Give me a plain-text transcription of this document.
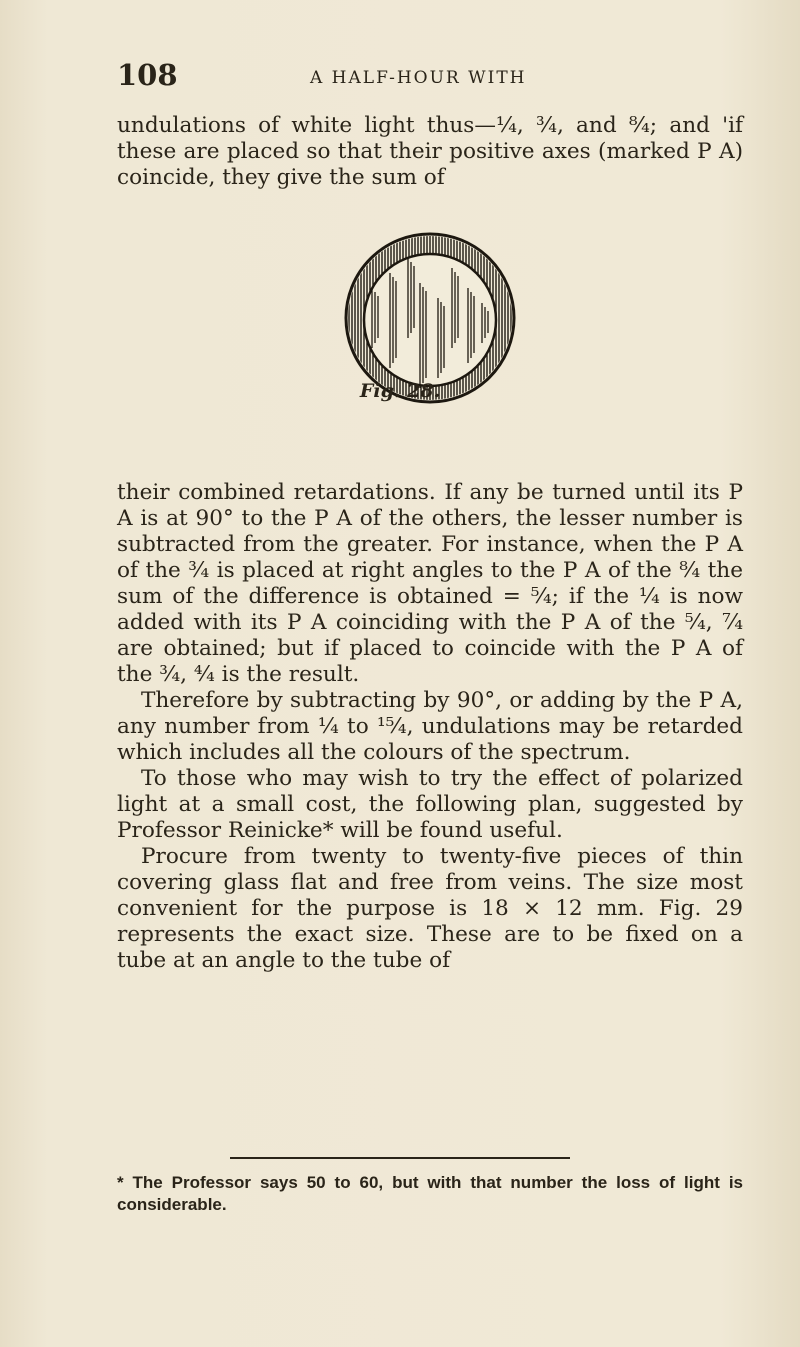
108	A HALF-HOUR WITH

undulations of white light thus—¼, ¾, and ⁸⁄₄; and 'if these are placed so that their positive axes (marked P A) coincide, they give the sum of

Fig. 28.

their combined retardations. If any be turned until its P A is at 90° to the P A of the others, the lesser number is subtracted from the greater. For instance, when the P A of the ¾ is placed at right angles to the P A of the ⁸⁄₄ the sum of the difference is obtained = ⁵⁄₄; if the ¼ is now added with its P A coinciding with the P A of the ⁵⁄₄, ⁷⁄₄ are obtained; but if placed to coincide with the P A of the ¾, ⁴⁄₄ is the result.

Therefore by subtracting by 90°, or adding by the P A, any number from ¼ to ¹⁵⁄₄, undulations may be retarded which includes all the colours of the spectrum.

To those who may wish to try the effect of polarized light at a small cost, the following plan, suggested by Professor Reinicke* will be found useful.

Procure from twenty to twenty-five pieces of thin covering glass flat and free from veins. The size most convenient for the purpose is 18 × 12 mm. Fig. 29 represents the exact size. These are to be fixed on a tube at an angle to the tube of

* The Professor says 50 to 60, but with that number the loss of light is considerable.
